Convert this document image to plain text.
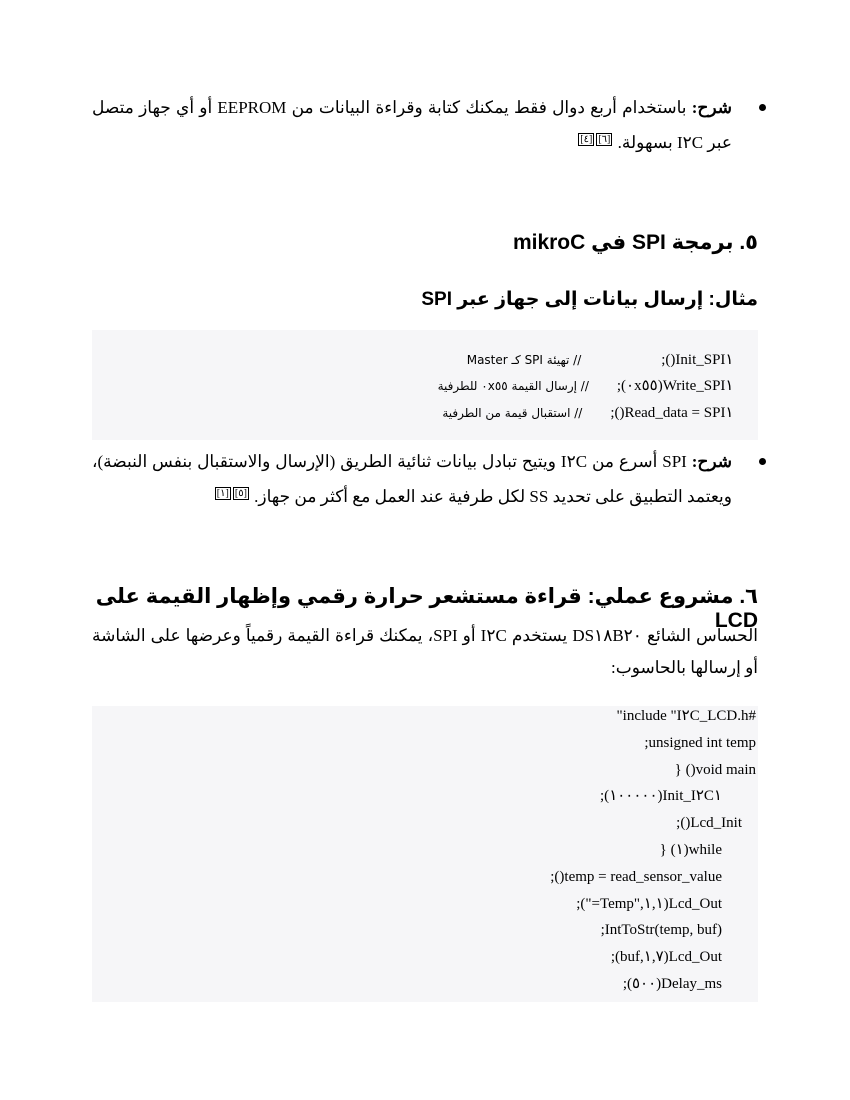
شرح: باستخدام أربع دوال فقط يمكنك كتابة وقراءة البيانات من EEPROM أو أي جهاز متصل عبر I٢C بسهولة. [٦][٤]
٥. برمجة SPI في mikroC
مثال: إرسال بيانات إلى جهاز عبر SPI

SPI١_Init();// تهيئة SPI كـ Master

SPI١_Write(٠x٥٥);// إرسال القيمة ٠x٥٥ للطرفية

data = SPI١_Read();// استقبال قيمة من الطرفية

شرح: SPI أسرع من I٢C ويتيح تبادل بيانات ثنائية الطريق (الإرسال والاستقبال بنفس النبضة)، ويعتمد التطبيق على تحديد SS لكل طرفية عند العمل مع أكثر من جهاز. [٥][١]
٦. مشروع عملي: قراءة مستشعر حرارة رقمي وإظهار القيمة على LCD
الحساس الشائع DS١٨B٢٠ يستخدم I٢C أو SPI، يمكنك قراءة القيمة رقمياً وعرضها على الشاشة أو إرسالها بالحاسوب:
#include "I٢C_LCD.h"
unsigned int temp;
void main() {
I٢C١_Init(١٠٠٠٠٠);
Lcd_Init();
while(١) {
temp = read_sensor_value();
Lcd_Out(١,١,"Temp=");
IntToStr(temp, buf);
Lcd_Out(١,٧,buf);
Delay_ms(٥٠٠);
